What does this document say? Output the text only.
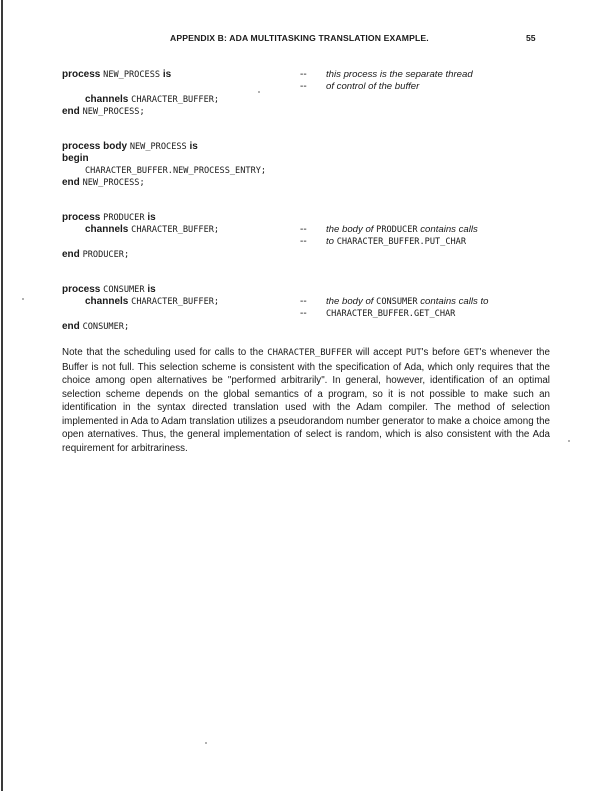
APPENDIX B: ADA MULTITASKING TRANSLATION EXAMPLE.	55
process NEW_PROCESS is	-- this process is the separate thread
-- of control of the buffer
channels CHARACTER_BUFFER;
end NEW_PROCESS;
process body NEW_PROCESS is
begin
CHARACTER_BUFFER.NEW_PROCESS_ENTRY;
end NEW_PROCESS;
process PRODUCER is
channels CHARACTER_BUFFER;	-- the body of PRODUCER contains calls
-- to CHARACTER_BUFFER.PUT_CHAR
end PRODUCER;
process CONSUMER is
channels CHARACTER_BUFFER;	-- the body of CONSUMER contains calls to
-- CHARACTER_BUFFER.GET_CHAR
end CONSUMER;

Note that the scheduling used for calls to the CHARACTER_BUFFER will accept PUT's before GET's whenever the Buffer is not full. This selection scheme is consistent with the specification of Ada, which only requires that the choice among open alternatives be "performed arbitrarily". In general, however, identification of an optimal selection scheme depends on the global semantics of a program, so it is not possible to make such an identification in the syntax directed translation used with the Adam compiler. The method of selection implemented in Ada to Adam translation utilizes a pseudorandom number generator to make a choice among the open aternatives. Thus, the general implementation of select is random, which is also consistent with the Ada requirement for arbitrariness.
